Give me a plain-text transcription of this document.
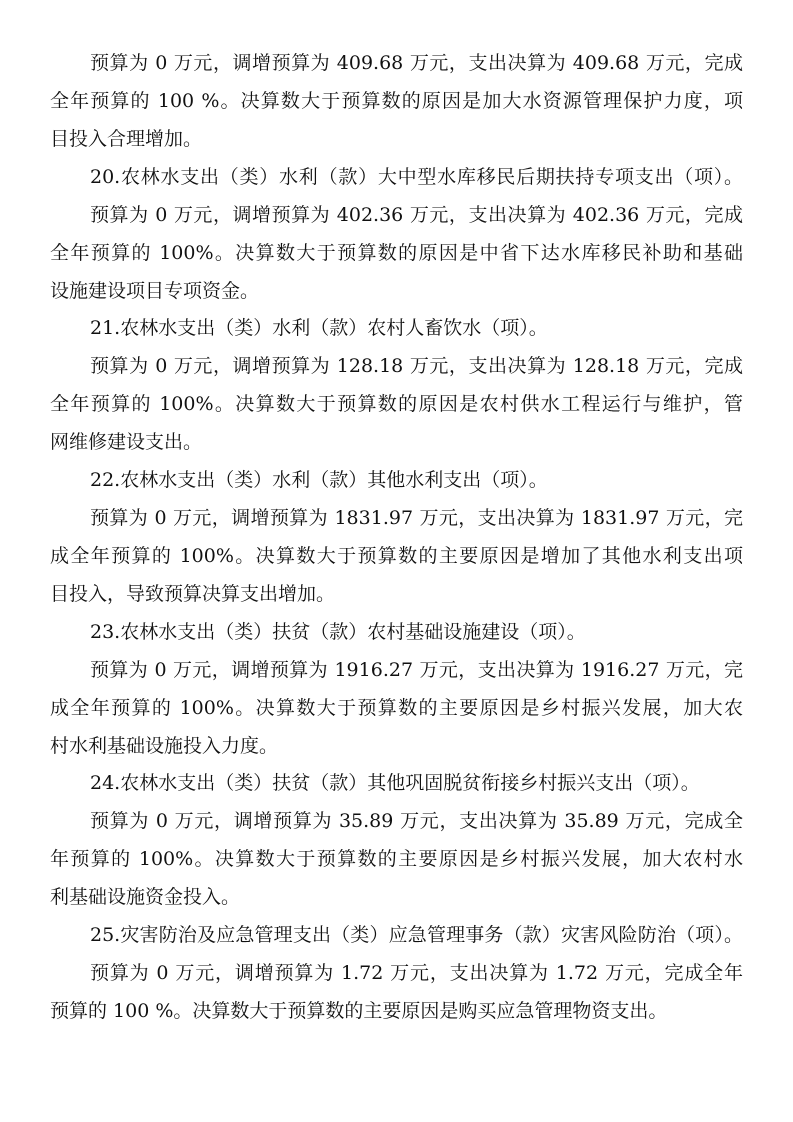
预算为 0 万元，调增预算为 409.68 万元，支出决算为 409.68 万元，完成
全年预算的 100 %。决算数大于预算数的原因是加大水资源管理保护力度，项
目投入合理增加。
20.农林水支出（类）水利（款）大中型水库移民后期扶持专项支出（项）。
预算为 0 万元，调增预算为 402.36 万元，支出决算为 402.36 万元，完成
全年预算的 100%。决算数大于预算数的原因是中省下达水库移民补助和基础
设施建设项目专项资金。
21.农林水支出（类）水利（款）农村人畜饮水（项）。
预算为 0 万元，调增预算为 128.18 万元，支出决算为 128.18 万元，完成
全年预算的 100%。决算数大于预算数的原因是农村供水工程运行与维护，管
网维修建设支出。
22.农林水支出（类）水利（款）其他水利支出（项）。
预算为 0 万元，调增预算为 1831.97 万元，支出决算为 1831.97 万元，完
成全年预算的 100%。决算数大于预算数的主要原因是增加了其他水利支出项
目投入，导致预算决算支出增加。
23.农林水支出（类）扶贫（款）农村基础设施建设（项）。
预算为 0 万元，调增预算为 1916.27 万元，支出决算为 1916.27 万元，完
成全年预算的 100%。决算数大于预算数的主要原因是乡村振兴发展，加大农
村水利基础设施投入力度。
24.农林水支出（类）扶贫（款）其他巩固脱贫衔接乡村振兴支出（项）。
预算为 0 万元，调增预算为 35.89 万元，支出决算为 35.89 万元，完成全
年预算的 100%。决算数大于预算数的主要原因是乡村振兴发展，加大农村水
利基础设施资金投入。
25.灾害防治及应急管理支出（类）应急管理事务（款）灾害风险防治（项）。
预算为 0 万元，调增预算为 1.72 万元，支出决算为 1.72 万元，完成全年
预算的 100 %。决算数大于预算数的主要原因是购买应急管理物资支出。
